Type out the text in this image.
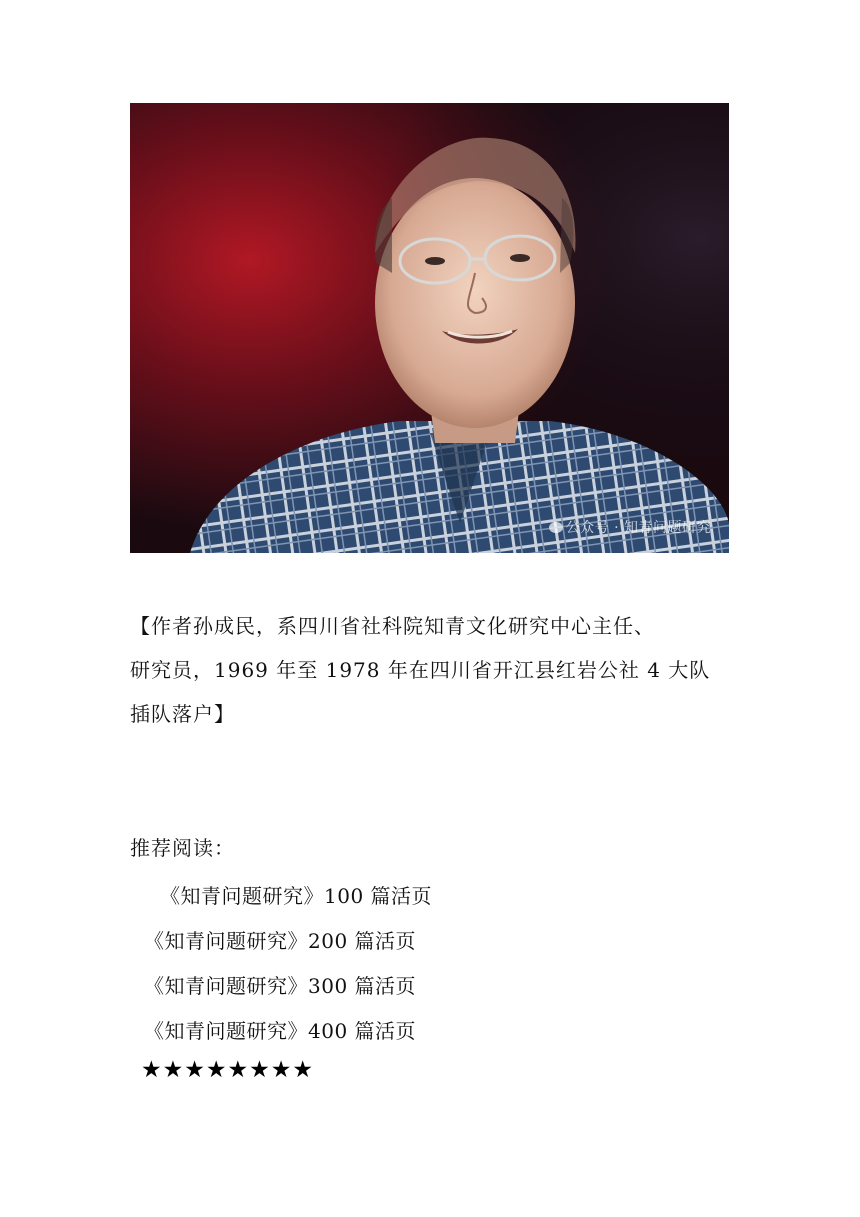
公众号 · 知青问题研究
【作者孙成民，系四川省社科院知青文化研究中心主任、
研究员，1969 年至 1978 年在四川省开江县红岩公社 4 大队
插队落户】
推荐阅读：
《知青问题研究》100 篇活页
《知青问题研究》200 篇活页
《知青问题研究》300 篇活页
《知青问题研究》400 篇活页
★★★★★★★★
